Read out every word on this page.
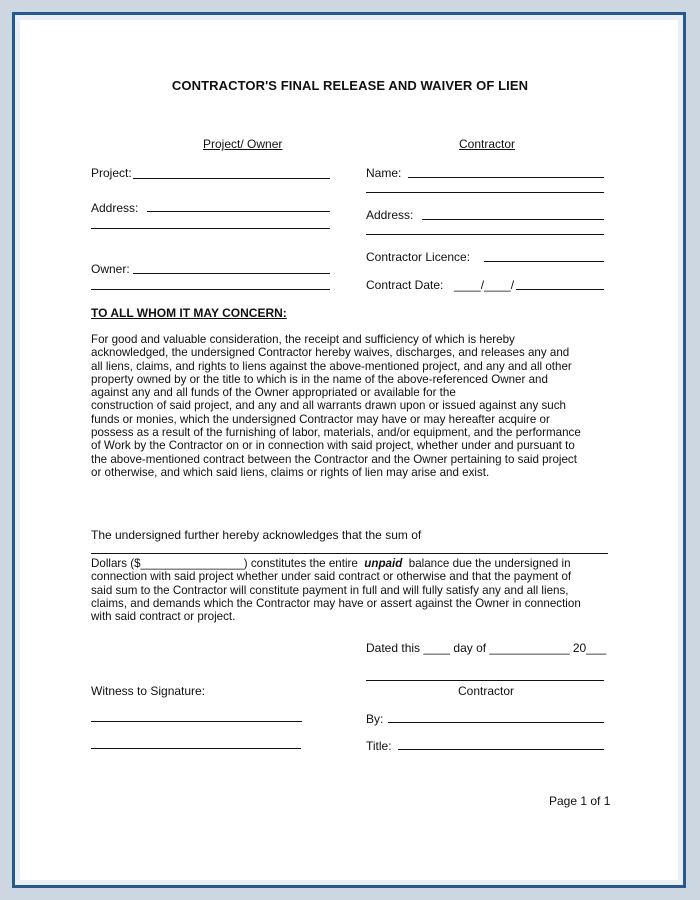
CONTRACTOR'S FINAL RELEASE AND WAIVER OF LIEN
Project/ Owner	Contractor
Project:
Address:
Owner:
Name:
Address:
Contractor Licence:
Contract Date: ____/____/
TO ALL WHOM IT MAY CONCERN:
For good and valuable consideration, the receipt and sufficiency of which is hereby
acknowledged, the undersigned Contractor hereby waives, discharges, and releases any and
all liens, claims, and rights to liens against the above-mentioned project, and any and all other
property owned by or the title to which is in the name of the above-referenced Owner and
against any and all funds of the Owner appropriated or available for the
construction of said project, and any and all warrants drawn upon or issued against any such
funds or monies, which the undersigned Contractor may have or may hereafter acquire or
possess as a result of the furnishing of labor, materials, and/or equipment, and the performance
of Work by the Contractor on or in connection with said project, whether under and pursuant to
the above-mentioned contract between the Contractor and the Owner pertaining to said project
or otherwise, and which said liens, claims or rights of lien may arise and exist.
The undersigned further hereby acknowledges that the sum of
Dollars ($________________) constitutes the entire unpaid balance due the undersigned in
connection with said project whether under said contract or otherwise and that the payment of
said sum to the Contractor will constitute payment in full and will fully satisfy any and all liens,
claims, and demands which the Contractor may have or assert against the Owner in connection
with said contract or project.
Dated this ____ day of ____________ 20___
Contractor
Witness to Signature:
By:
Title:
Page 1 of 1
